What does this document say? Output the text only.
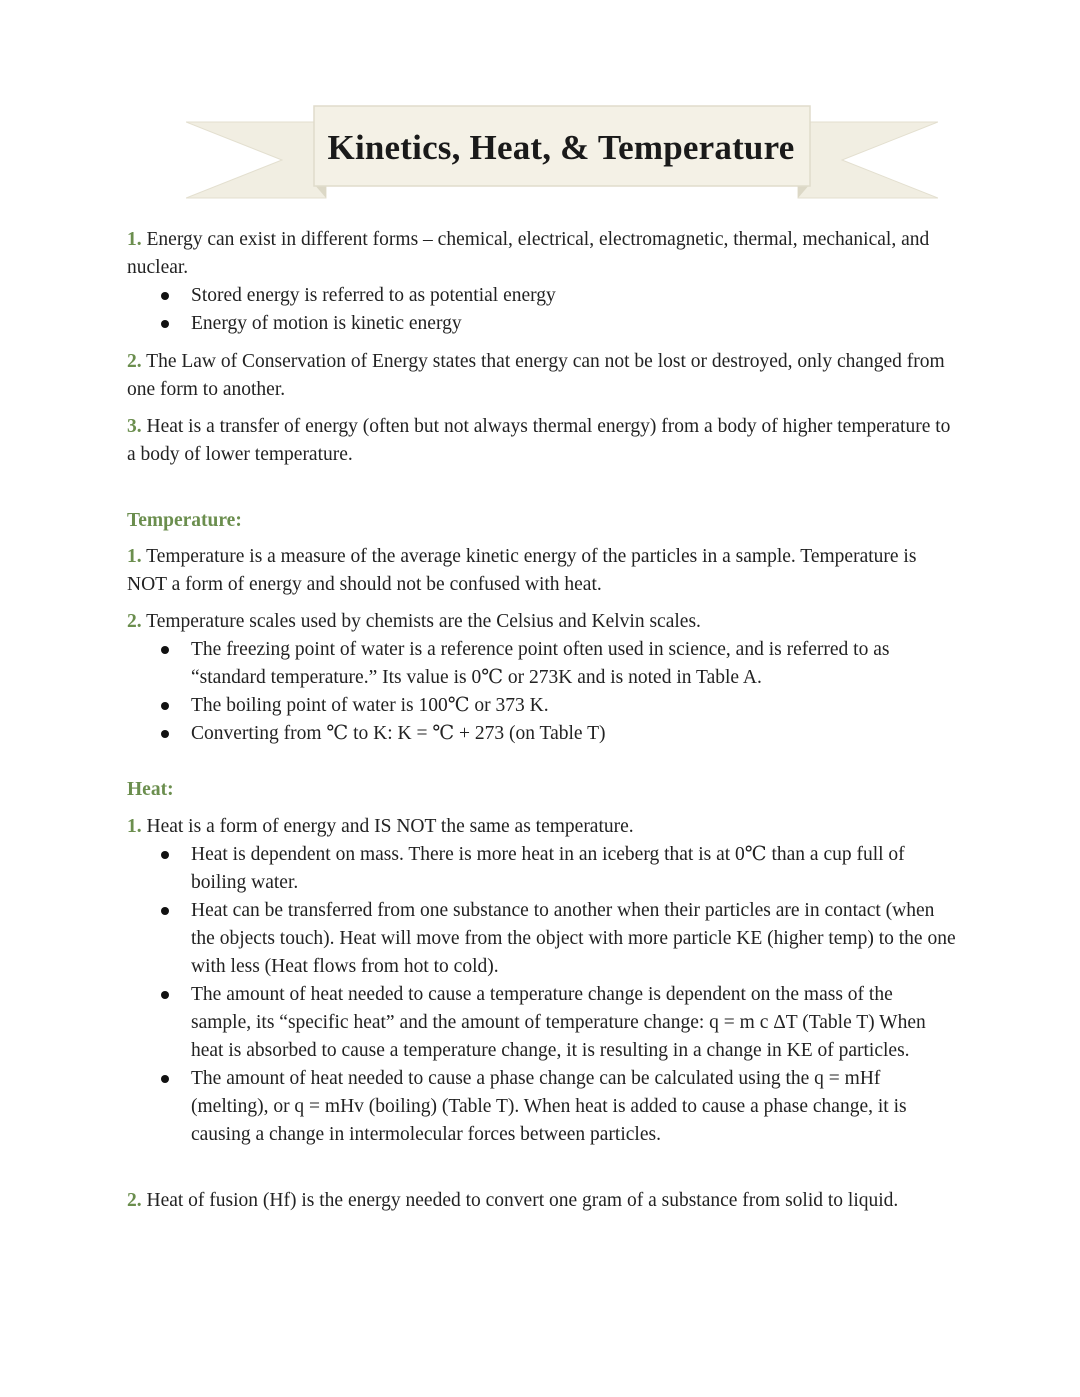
Kinetics, Heat, & Temperature
1. Energy can exist in different forms – chemical, electrical, electromagnetic, thermal, mechanical, and nuclear.
Stored energy is referred to as potential energy
Energy of motion is kinetic energy
2. The Law of Conservation of Energy states that energy can not be lost or destroyed, only changed from one form to another.
3. Heat is a transfer of energy (often but not always thermal energy) from a body of higher temperature to a body of lower temperature.
Temperature:
1. Temperature is a measure of the average kinetic energy of the particles in a sample. Temperature is NOT a form of energy and should not be confused with heat.
2. Temperature scales used by chemists are the Celsius and Kelvin scales.
The freezing point of water is a reference point often used in science, and is referred to as “standard temperature.” Its value is 0℃ or 273K and is noted in Table A.
The boiling point of water is 100℃ or 373 K.
Converting from ℃ to K: K = ℃ + 273 (on Table T)
Heat:
1. Heat is a form of energy and IS NOT the same as temperature.
Heat is dependent on mass. There is more heat in an iceberg that is at 0℃ than a cup full of boiling water.
Heat can be transferred from one substance to another when their particles are in contact (when the objects touch). Heat will move from the object with more particle KE (higher temp) to the one with less (Heat flows from hot to cold).
The amount of heat needed to cause a temperature change is dependent on the mass of the sample, its “specific heat” and the amount of temperature change: q = m c ΔT (Table T) When heat is absorbed to cause a temperature change, it is resulting in a change in KE of particles.
The amount of heat needed to cause a phase change can be calculated using the q = mHf (melting), or q = mHv (boiling) (Table T). When heat is added to cause a phase change, it is causing a change in intermolecular forces between particles.
2. Heat of fusion (Hf) is the energy needed to convert one gram of a substance from solid to liquid.
